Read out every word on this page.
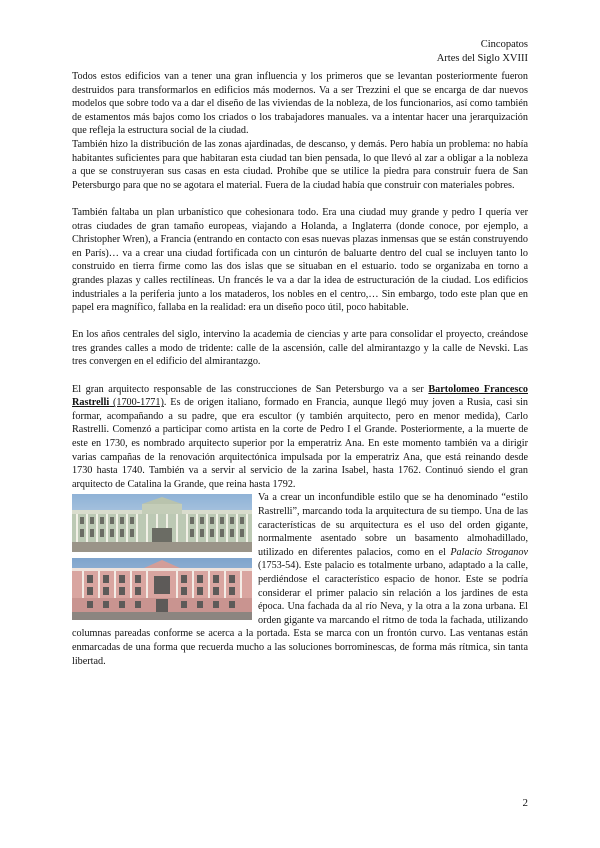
Cincopatos
Artes del Siglo XVIII

Todos estos edificios van a tener una gran influencia y los primeros que se levantan posteriormente fueron destruidos para transformarlos en edificios más modernos. Va a ser Trezzini el que se encarga de dar nuevos modelos que sobre todo va a dar el diseño de las viviendas de la nobleza, de los funcionarios, así como también de estamentos más bajos como los criados o los trabajadores manuales. va a intentar hacer una jerarquización que refleja la estructura social de la ciudad.

También hizo la distribución de las zonas ajardinadas, de descanso, y demás. Pero había un problema: no había habitantes suficientes para que habitaran esta ciudad tan bien pensada, lo que llevó al zar a obligar a la nobleza a que se construyeran sus casas en esta ciudad. Prohíbe que se utilice la piedra para construir fuera de San Petersburgo para que no se agotara el material. Fuera de la ciudad había que construir con materiales pobres.

También faltaba un plan urbanístico que cohesionara todo. Era una ciudad muy grande y pedro I quería ver otras ciudades de gran tamaño europeas, viajando a Holanda, a Inglaterra (donde conoce, por ejemplo, a Christopher Wren), a Francia (entrando en contacto con esas nuevas plazas inmensas que se están construyendo en París)… va a crear una ciudad fortificada con un cinturón de baluarte dentro del cual se incluyen tanto lo construido en tierra firme como las dos islas que se situaban en el estuario. todo se organizaba en torno a grandes plazas y calles rectilíneas. Un francés le va a dar la idea de estructuración de la ciudad. Los edificios industriales a la periferia junto a los mataderos, los nobles en el centro,… Sin embargo, todo este plan que en papel era magnífico, fallaba en la realidad: era un diseño poco útil, poco habitable.

En los años centrales del siglo, intervino la academia de ciencias y arte para consolidar el proyecto, creándose tres grandes calles a modo de tridente: calle de la ascensión, calle del almirantazgo y la calle de Nevski. Las tres convergen en el edificio del almirantazgo.

El gran arquitecto responsable de las construcciones de San Petersburgo va a ser Bartolomeo Francesco Rastrelli (1700-1771). Es de origen italiano, formado en Francia, aunque llegó muy joven a Rusia, casi sin formar, acompañando a su padre, que era escultor (y también arquitecto, pero en menor medida), Carlo Rastrelli. Comenzó a participar como artista en la corte de Pedro I el Grande. Posteriormente, a la muerte de este en 1730, es nombrado arquitecto superior por la emperatriz Ana. En este momento también va a dirigir varias campañas de la renovación arquitectónica impulsada por la emperatriz Ana, que está reinando desde 1730 hasta 1740. También va a servir al servicio de la zarina Isabel, hasta 1762. Continuó siendo el gran arquitecto de Catalina la Grande, que reina hasta 1792.

Va a crear un inconfundible estilo que se ha denominado “estilo Rastrelli”, marcando toda la arquitectura de su tiempo. Una de las características de su arquitectura es el uso del orden gigante, normalmente asentado sobre un basamento almohadillado, utilizado en diferentes palacios, como en el Palacio Stroganov (1753-54). Este palacio es totalmente urbano, adaptado a la calle, perdiéndose el característico espacio de honor. Este se podría considerar el primer palacio sin relación a los jardines de esta época. Una fachada da al río Neva, y la otra a la zona urbana. El orden gigante va marcando el ritmo de toda la fachada, utilizando columnas pareadas conforme se acerca a la portada. Esta se marca con un frontón curvo. Las ventanas están enmarcadas de una forma que recuerda mucho a las soluciones borrominescas, de forma más rítmica, sin tanta libertad.

2
